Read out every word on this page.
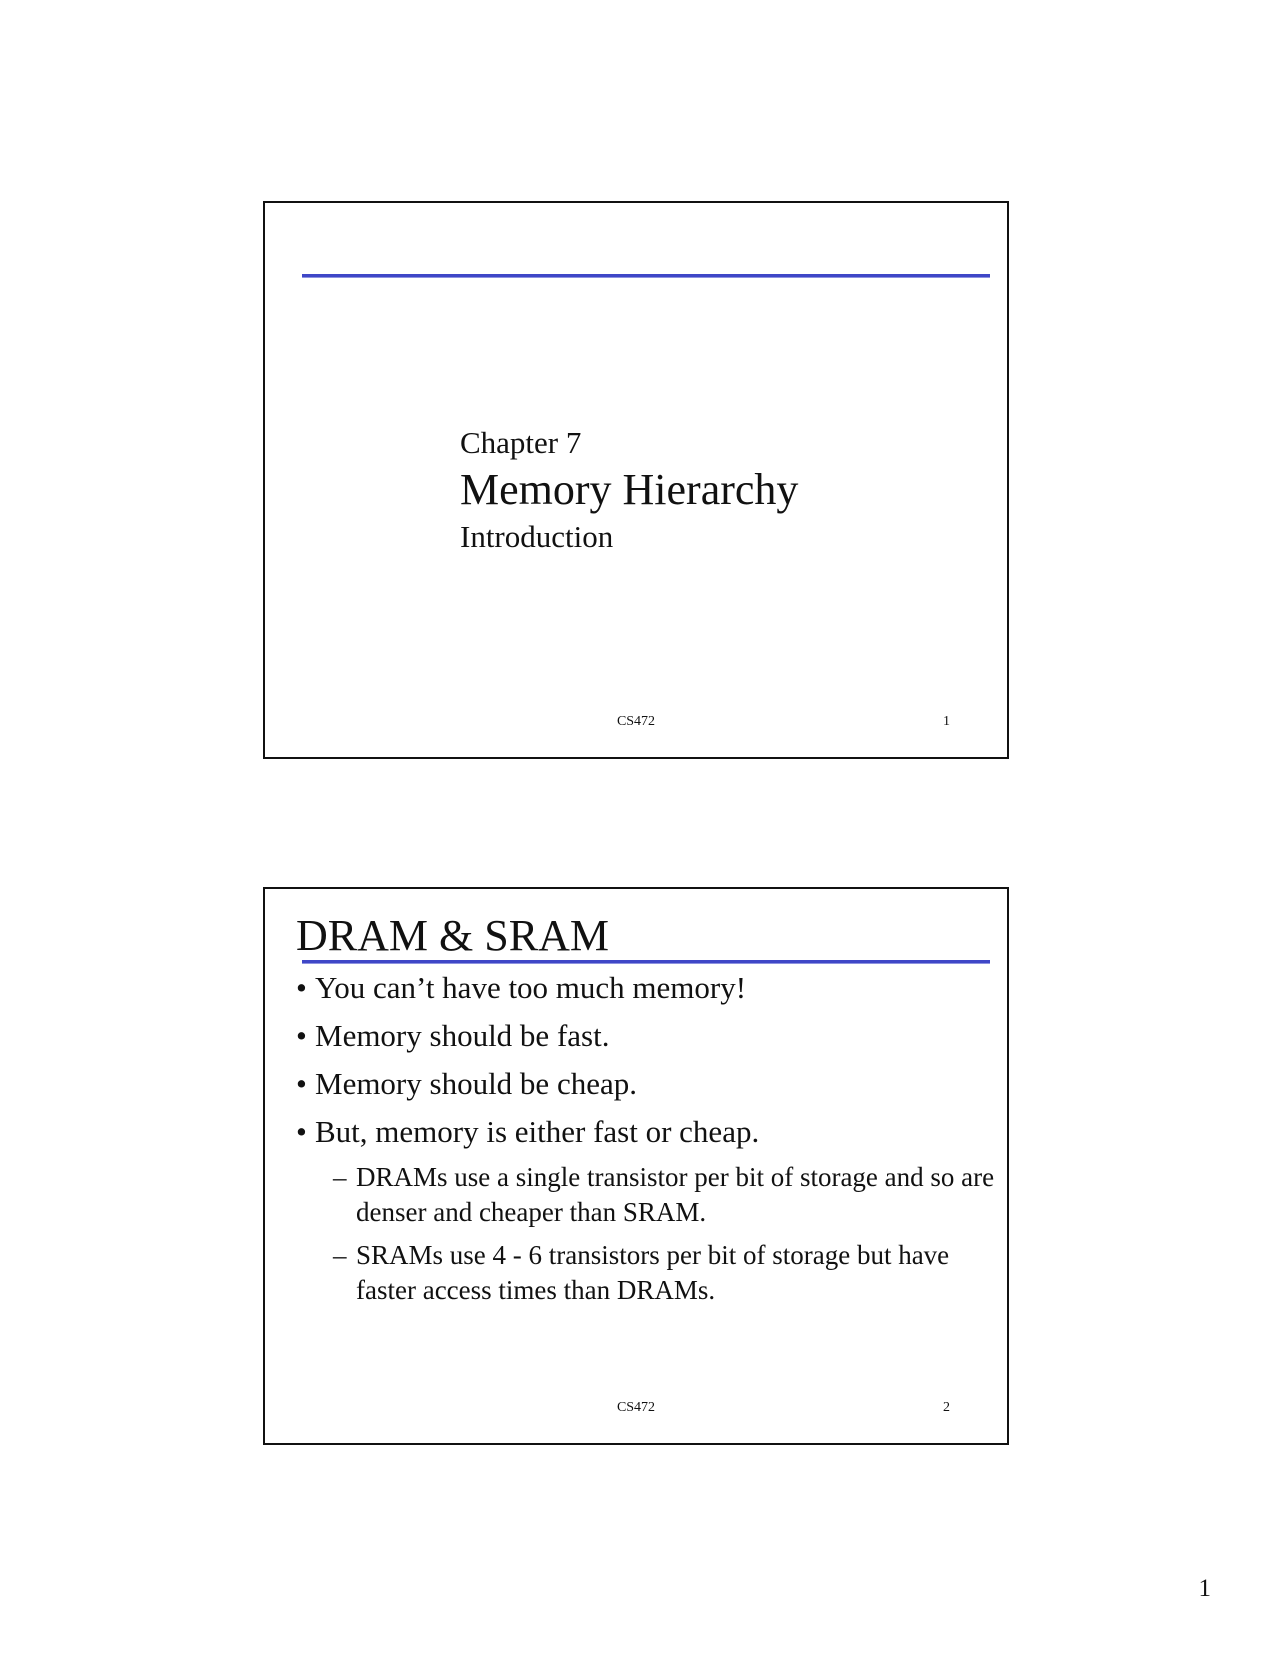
Chapter 7

Memory Hierarchy

Introduction

CS472	1
DRAM & SRAM
• You can’t have too much memory!
• Memory should be fast.
• Memory should be cheap.
• But, memory is either fast or cheap.
– DRAMs use a single transistor per bit of storage and so are denser and cheaper than SRAM.
– SRAMs use 4 - 6 transistors per bit of storage but have faster access times than DRAMs.
CS472	2
1
